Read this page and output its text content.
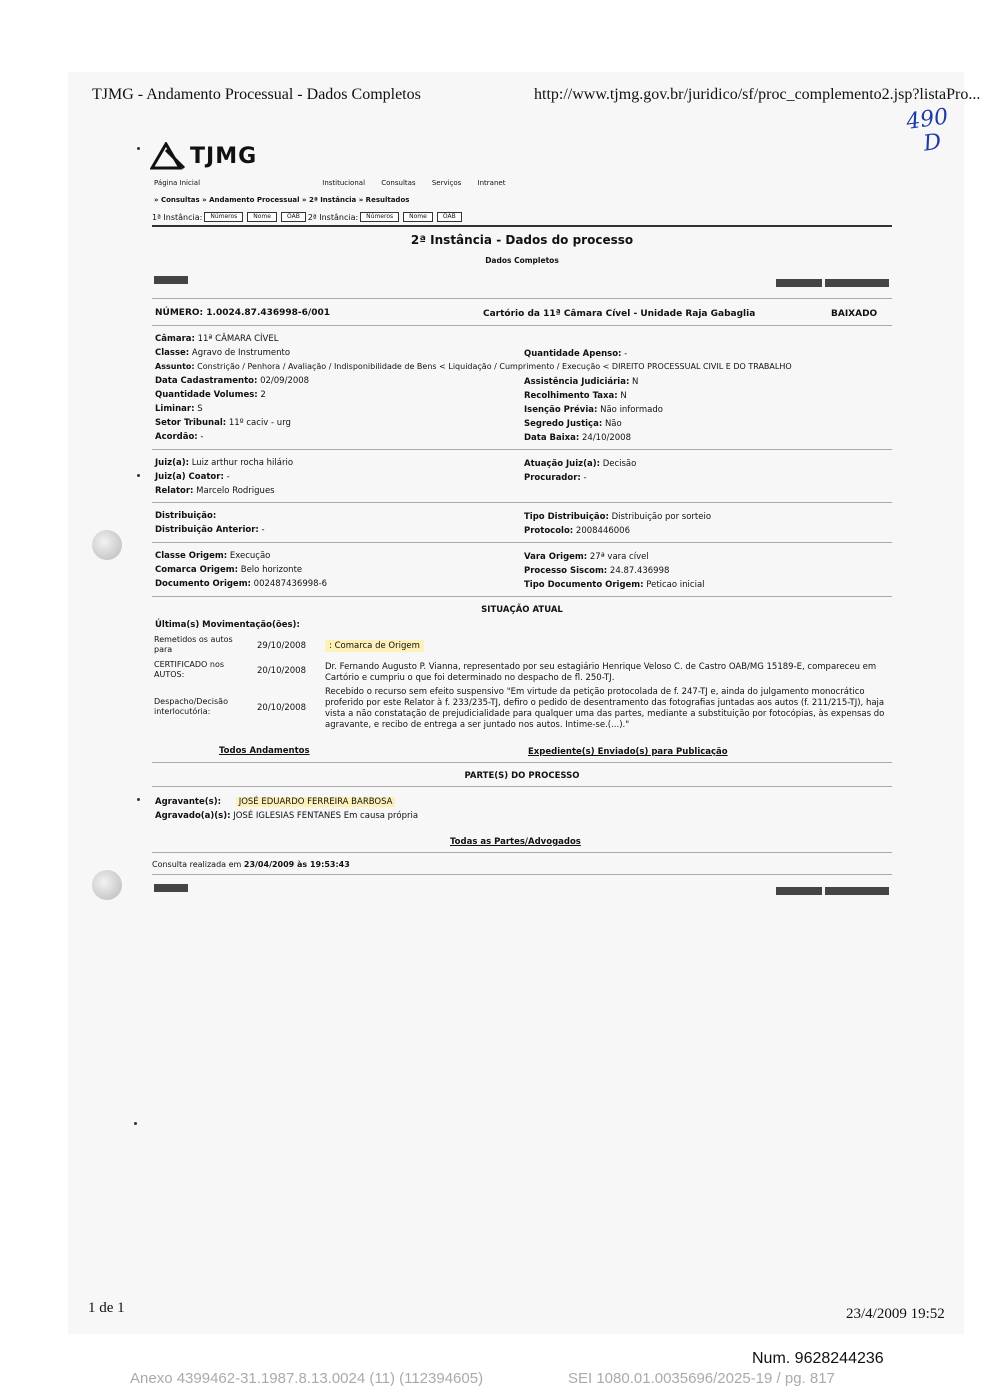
TJMG - Andamento Processual - Dados Completos	http://www.tjmg.gov.br/juridico/sf/proc_complemento2.jsp?listaPro...
490
D
TJMG
Página Inicial	Institucional Consultas Serviços Intranet
» Consultas » Andamento Processual » 2ª Instância » Resultados
1ª Instância:	Números	Nome	OAB	2ª Instância:	Números	Nome	OAB
2ª Instância - Dados do processo
Dados Completos
NÚMERO: 1.0024.87.436998-6/001	Cartório da 11ª Câmara Cível - Unidade Raja Gabaglia	BAIXADO
Câmara: 11ª CÂMARA CÍVEL
Classe: Agravo de Instrumento
Assunto: Constrição / Penhora / Avaliação / Indisponibilidade de Bens < Liquidação / Cumprimento / Execução < DIREITO PROCESSUAL CIVIL E DO TRABALHO
Data Cadastramento: 02/09/2008
Quantidade Volumes: 2
Liminar: S
Setor Tribunal: 11º caciv - urg
Acordão: -
Quantidade Apenso: -
Assistência Judiciária: N
Recolhimento Taxa: N
Isenção Prévia: Não informado
Segredo Justiça: Não
Data Baixa: 24/10/2008
Juiz(a): Luiz arthur rocha hilário
Juiz(a) Coator: -
Relator: Marcelo Rodrigues
Atuação Juiz(a): Decisão
Procurador: -
Distribuição:
Distribuição Anterior: -
Tipo Distribuição: Distribuição por sorteio
Protocolo: 2008446006
Classe Origem: Execução
Comarca Origem: Belo horizonte
Documento Origem: 002487436998-6
Vara Origem: 27ª vara cível
Processo Siscom: 24.87.436998
Tipo Documento Origem: Peticao inicial
SITUAÇÃO ATUAL
Última(s) Movimentação(ões):
Remetidos os autos para	29/10/2008	: Comarca de Origem
CERTIFICADO nos AUTOS:	20/10/2008 Dr. Fernando Augusto P. Vianna, representado por seu estagiário Henrique Veloso C. de Castro OAB/MG 15189-E, compareceu em Cartório e cumpriu o que foi determinado no despacho de fl. 250-TJ.
Despacho/Decisão interlocutória:	20/10/2008
Recebido o recurso sem efeito suspensivo "Em virtude da petição protocolada de f. 247-TJ e, ainda do julgamento monocrático proferido por este Relator à f. 233/235-TJ, defiro o pedido de desentramento das fotografias juntadas aos autos (f. 211/215-TJ), haja vista a não constatação de prejudicialidade para qualquer uma das partes, mediante a substituição por fotocópias, às expensas do agravante, e recibo de entrega a ser juntado nos autos. Intime-se.(...)."
Todos Andamentos	Expediente(s) Enviado(s) para Publicação
PARTE(S) DO PROCESSO
Agravante(s): JOSÉ EDUARDO FERREIRA BARBOSA
Agravado(a)(s): JOSÉ IGLESIAS FENTANES Em causa própria
Todas as Partes/Advogados
Consulta realizada em 23/04/2009 às 19:53:43
1 de 1	23/4/2009 19:52
Num. 9628244236
Anexo 4399462-31.1987.8.13.0024 (11) (112394605)	SEI 1080.01.0035696/2025-19 / pg. 817
